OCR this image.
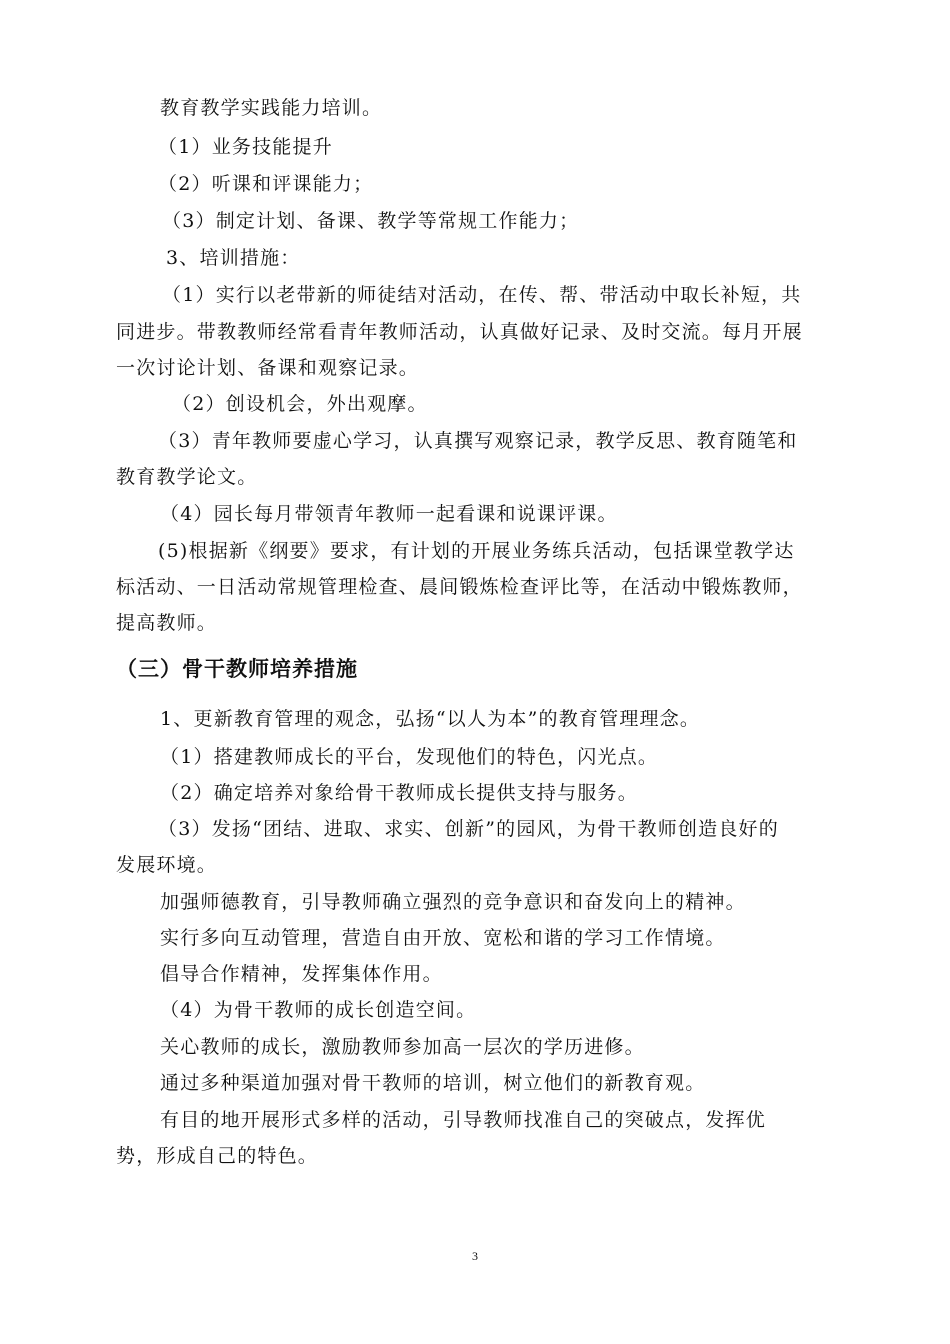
教育教学实践能力培训。
（1）业务技能提升
（2）听课和评课能力；
（3）制定计划、备课、教学等常规工作能力；
3、培训措施：
（1）实行以老带新的师徒结对活动，在传、帮、带活动中取长补短，共
同进步。带教教师经常看青年教师活动，认真做好记录、及时交流。每月开展
一次讨论计划、备课和观察记录。
（2）创设机会，外出观摩。
（3）青年教师要虚心学习，认真撰写观察记录，教学反思、教育随笔和
教育教学论文。
（4）园长每月带领青年教师一起看课和说课评课。
(5)根据新《纲要》要求，有计划的开展业务练兵活动，包括课堂教学达
标活动、一日活动常规管理检查、晨间锻炼检查评比等，在活动中锻炼教师，
提高教师。
（三）骨干教师培养措施
1、更新教育管理的观念，弘扬“以人为本”的教育管理理念。
（1）搭建教师成长的平台，发现他们的特色，闪光点。
（2）确定培养对象给骨干教师成长提供支持与服务。
（3）发扬“团结、进取、求实、创新”的园风，为骨干教师创造良好的
发展环境。
加强师德教育，引导教师确立强烈的竞争意识和奋发向上的精神。
实行多向互动管理，营造自由开放、宽松和谐的学习工作情境。
倡导合作精神，发挥集体作用。
（4）为骨干教师的成长创造空间。
关心教师的成长，激励教师参加高一层次的学历进修。
通过多种渠道加强对骨干教师的培训，树立他们的新教育观。
有目的地开展形式多样的活动，引导教师找准自己的突破点，发挥优
势，形成自己的特色。
3
